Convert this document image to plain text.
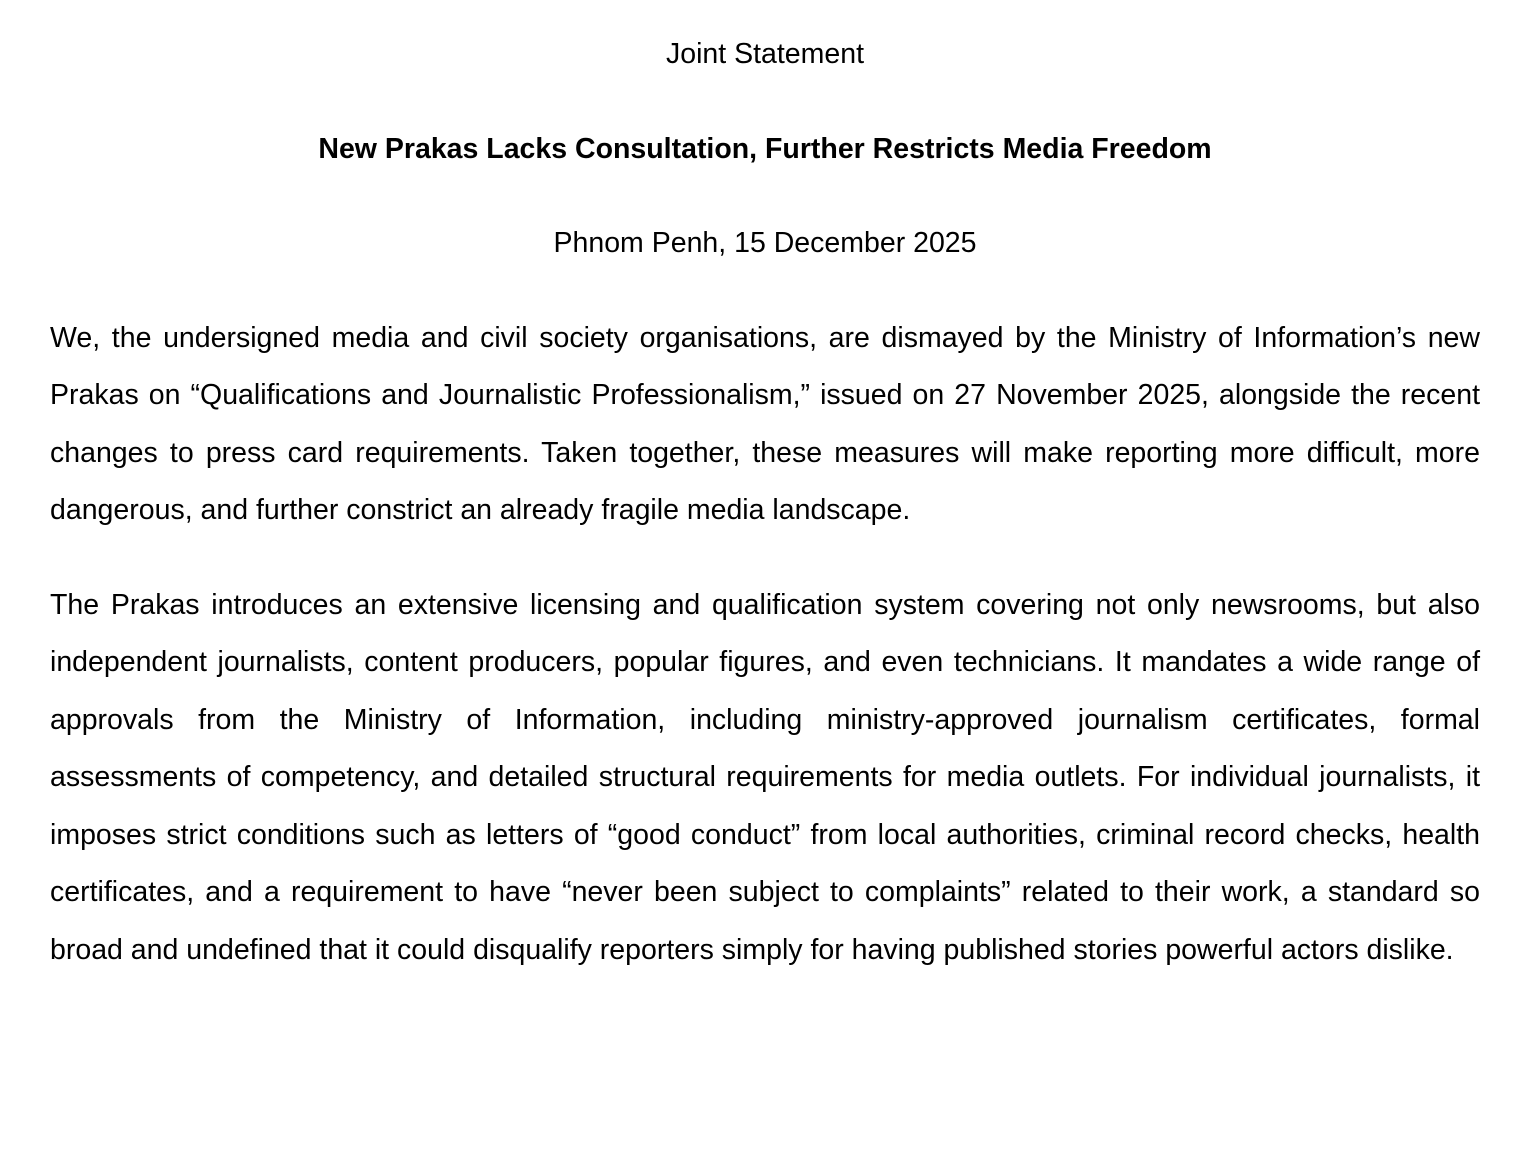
Joint Statement

New Prakas Lacks Consultation, Further Restricts Media Freedom

Phnom Penh, 15 December 2025

We, the undersigned media and civil society organisations, are dismayed by the Ministry of Information’s new Prakas on “Qualifications and Journalistic Professionalism,” issued on 27 November 2025, alongside the recent changes to press card requirements. Taken together, these measures will make reporting more difficult, more dangerous, and further constrict an already fragile media landscape.

The Prakas introduces an extensive licensing and qualification system covering not only newsrooms, but also independent journalists, content producers, popular figures, and even technicians. It mandates a wide range of approvals from the Ministry of Information, including ministry-approved journalism certificates, formal assessments of competency, and detailed structural requirements for media outlets. For individual journalists, it imposes strict conditions such as letters of “good conduct” from local authorities, criminal record checks, health certificates, and a requirement to have “never been subject to complaints” related to their work, a standard so broad and undefined that it could disqualify reporters simply for having published stories powerful actors dislike.
